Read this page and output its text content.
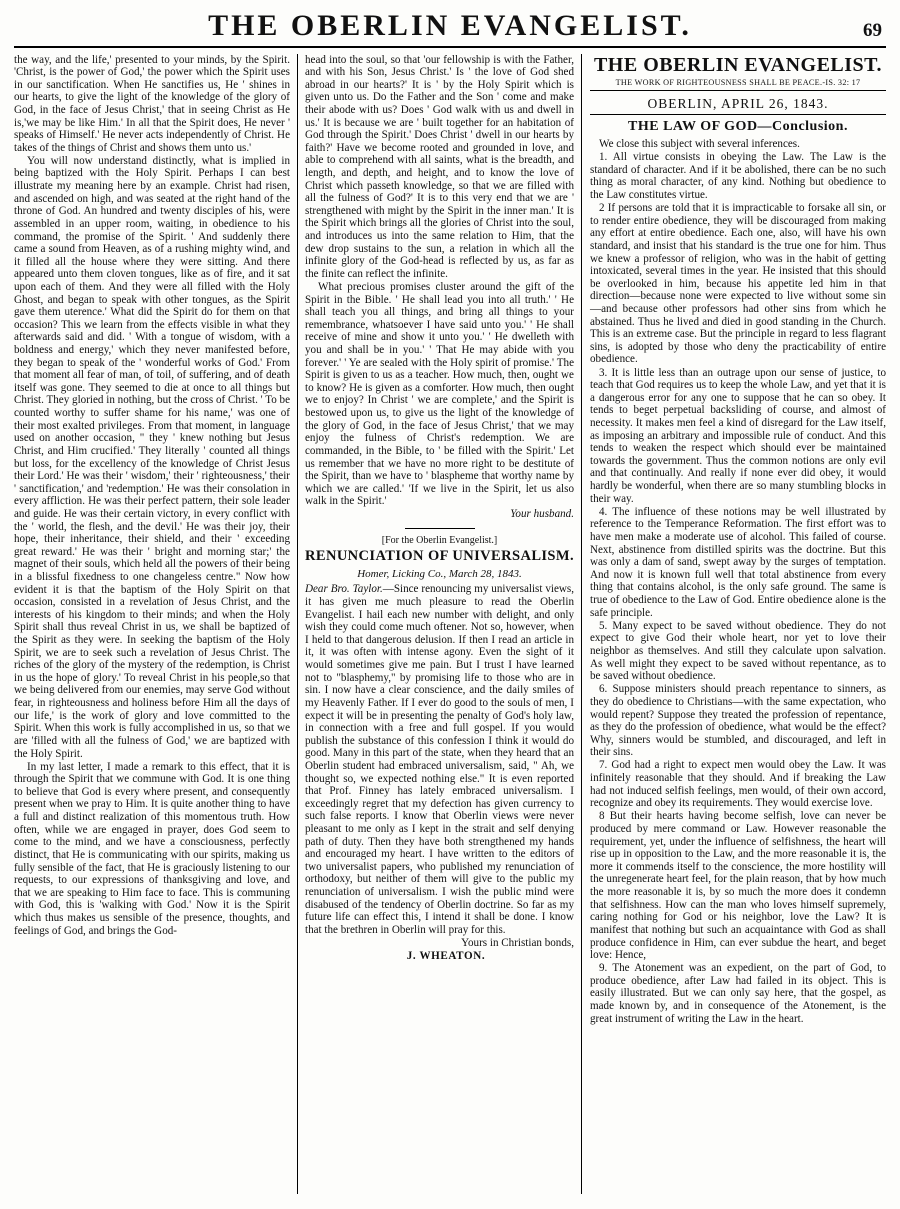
THE OBERLIN EVANGELIST.	69

the way, and the life,' presented to your minds, by the Spirit. 'Christ, is the power of God,' the power which the Spirit uses in our sanctification. When He sanctifies us, He ' shines in our hearts, to give the light of the knowledge of the glory of God, in the face of Jesus Christ,' that in seeing Christ as He is,'we may be like Him.' In all that the Spirit does, He never ' speaks of Himself.' He never acts independently of Christ. He takes of the things of Christ and shows them unto us.'

You will now understand distinctly, what is implied in being baptized with the Holy Spirit. Perhaps I can best illustrate my meaning here by an example. Christ had risen, and ascended on high, and was seated at the right hand of the throne of God. An hundred and twenty disciples of his, were assembled in an upper room, waiting, in obedience to his command, the promise of the Spirit. ' And suddenly there came a sound from Heaven, as of a rushing mighty wind, and it filled all the house where they were sitting. And there appeared unto them cloven tongues, like as of fire, and it sat upon each of them. And they were all filled with the Holy Ghost, and began to speak with other tongues, as the Spirit gave them uterence.' What did the Spirit do for them on that occasion? This we learn from the effects visible in what they afterwards said and did. ' With a tongue of wisdom, with a boldness and energy,' which they never manifested before, they began to speak of the ' wonderful works of God.' From that moment all fear of man, of toil, of suffering, and of death itself was gone. They seemed to die at once to all things but Christ. They gloried in nothing, but the cross of Christ. ' To be counted worthy to suffer shame for his name,' was one of their most exalted privileges. From that moment, in language used on another occasion, " they ' knew nothing but Jesus Christ, and Him crucified.' They literally ' counted all things but loss, for the excellency of the knowledge of Christ Jesus their Lord.' He was their ' wisdom,' their ' righteousness,' their ' sanctification,' and 'redemption.' He was their consolation in every affliction. He was their perfect pattern, their sole leader and guide. He was their certain victory, in every conflict with the ' world, the flesh, and the devil.' He was their joy, their hope, their inheritance, their shield, and their ' exceeding great reward.' He was their ' bright and morning star;' the magnet of their souls, which held all the powers of their being in a blissful fixedness to one changeless centre." Now how evident it is that the baptism of the Holy Spirit on that occasion, consisted in a revelation of Jesus Christ, and the interests of his kingdom to their minds; and when the Holy Spirit shall thus reveal Christ in us, we shall be baptized of the Spirit as they were. In seeking the baptism of the Holy Spirit, we are to seek such a revelation of Jesus Christ. The riches of the glory of the mystery of the redemption, is Christ in us the hope of glory.' To reveal Christ in his people,so that we being delivered from our enemies, may serve God without fear, in righteousness and holiness before Him all the days of our life,' is the work of glory and love committed to the Spirit. When this work is fully accomplished in us, so that we are 'filled with all the fulness of God,' we are baptized with the Holy Spirit.

In my last letter, I made a remark to this effect, that it is through the Spirit that we commune with God. It is one thing to believe that God is every where present, and consequently present when we pray to Him. It is quite another thing to have a full and distinct realization of this momentous truth. How often, while we are engaged in prayer, does God seem to come to the mind, and we have a consciousness, perfectly distinct, that He is communicating with our spirits, making us fully sensible of the fact, that He is graciously listening to our requests, to our expressions of thanksgiving and love, and that we are speaking to Him face to face. This is communing with God, this is 'walking with God.' Now it is the Spirit which thus makes us sensible of the presence, thoughts, and feelings of God, and brings the God-

head into the soul, so that 'our fellowship is with the Father, and with his Son, Jesus Christ.' Is ' the love of God shed abroad in our hearts?' It is ' by the Holy Spirit which is given unto us. Do the Father and the Son ' come and make their abode with us? Does ' God walk with us and dwell in us.' It is because we are ' built together for an habitation of God through the Spirit.' Does Christ ' dwell in our hearts by faith?' Have we become rooted and grounded in love, and able to comprehend with all saints, what is the breadth, and length, and depth, and height, and to know the love of Christ which passeth knowledge, so that we are filled with all the fulness of God?' It is to this very end that we are ' strengthened with might by the Spirit in the inner man.' It is the Spirit which brings all the glories of Christ into the soul, and introduces us into the same relation to Him, that the dew drop sustains to the sun, a relation in which all the infinite glory of the God-head is reflected by us, as far as the finite can reflect the infinite.

What precious promises cluster around the gift of the Spirit in the Bible. ' He shall lead you into all truth.' ' He shall teach you all things, and bring all things to your remembrance, whatsoever I have said unto you.' ' He shall receive of mine and show it unto you.' ' He dwelleth with you and shall be in you.' ' That He may abide with you forever.' ' Ye are sealed with the Holy spirit of promise.' The Spirit is given to us as a teacher. How much, then, ought we to know? He is given as a comforter. How much, then ought we to enjoy? In Christ ' we are complete,' and the Spirit is bestowed upon us, to give us the light of the knowledge of the glory of God, in the face of Jesus Christ,' that we may enjoy the fulness of Christ's redemption. We are commanded, in the Bible, to ' be filled with the Spirit.' Let us remember that we have no more right to be destitute of the Spirit, than we have to ' blaspheme that worthy name by which we are called.' 'If we live in the Spirit, let us also walk in the Spirit.'

Your husband.

[For the Oberlin Evangelist.]
RENUNCIATION OF UNIVERSALISM.
Homer, Licking Co., March 28, 1843.

Dear Bro. Taylor.—Since renouncing my universalist views, it has given me much pleasure to read the Oberlin Evangelist. I hail each new number with delight, and only wish they could come much oftener. Not so, however, when I held to that dangerous delusion. If then I read an article in it, it was often with intense agony. Even the sight of it would sometimes give me pain. But I trust I have learned not to "blasphemy," by promising life to those who are in sin. I now have a clear conscience, and the daily smiles of my Heavenly Father. If I ever do good to the souls of men, I expect it will be in presenting the penalty of God's holy law, in connection with a free and full gospel. If you would publish the substance of this confession I think it would do good. Many in this part of the state, when they heard that an Oberlin student had embraced universalism, said, " Ah, we thought so, we expected nothing else." It is even reported that Prof. Finney has lately embraced universalism. I exceedingly regret that my defection has given currency to such false reports. I know that Oberlin views were never pleasant to me only as I kept in the strait and self denying path of duty. Then they have both strengthened my hands and encouraged my heart. I have written to the editors of two universalist papers, who published my renunciation of orthodoxy, but neither of them will give to the public my renunciation of universalism. I wish the public mind were disabused of the tendency of Oberlin doctrine. So far as my future life can effect this, I intend it shall be done. I know that the brethren in Oberlin will pray for this.

Yours in Christian bonds,

J. WHEATON.

THE OBERLIN EVANGELIST.
THE WORK OF RIGHTEOUSNESS SHALL BE PEACE.-IS. 32: 17
OBERLIN, APRIL 26, 1843.
THE LAW OF GOD—Conclusion.

We close this subject with several inferences.

1. All virtue consists in obeying the Law. The Law is the standard of character. And if it be abolished, there can be no such thing as moral character, of any kind. Nothing but obedience to the Law constitutes virtue.

2 If persons are told that it is impracticable to forsake all sin, or to render entire obedience, they will be discouraged from making any effort at entire obedience. Each one, also, will have his own standard, and insist that his standard is the true one for him. Thus we knew a professor of religion, who was in the habit of getting intoxicated, several times in the year. He insisted that this should be overlooked in him, because his appetite led him in that direction—because none were expected to live without some sin—and because other professors had other sins from which he abstained. Thus he lived and died in good standing in the Church. This is an extreme case. But the principle in regard to less flagrant sins, is adopted by those who deny the practicability of entire obedience.

3. It is little less than an outrage upon our sense of justice, to teach that God requires us to keep the whole Law, and yet that it is a dangerous error for any one to suppose that he can so obey. It tends to beget perpetual backsliding of course, and almost of necessity. It makes men feel a kind of disregard for the Law itself, as imposing an arbitrary and impossible rule of conduct. And this tends to weaken the respect which should ever be maintained towards the government. Thus the common notions are only evil and that continually. And really if none ever did obey, it would hardly be wonderful, when there are so many stumbling blocks in their way.

4. The influence of these notions may be well illustrated by reference to the Temperance Reformation. The first effort was to have men make a moderate use of alcohol. This failed of course. Next, abstinence from distilled spirits was the doctrine. But this was only a dam of sand, swept away by the surges of temptation. And now it is known full well that total abstinence from every thing that contains alcohol, is the only safe ground. The same is true of obedience to the Law of God. Entire obedience alone is the safe principle.

5. Many expect to be saved without obedience. They do not expect to give God their whole heart, nor yet to love their neighbor as themselves. And still they calculate upon salvation. As well might they expect to be saved without repentance, as to be saved without obedience.

6. Suppose ministers should preach repentance to sinners, as they do obedience to Christians—with the same expectation, who would repent? Suppose they treated the profession of repentance, as they do the profession of obedience, what would be the effect? Why, sinners would be stumbled, and discouraged, and left in their sins.

7. God had a right to expect men would obey the Law. It was infinitely reasonable that they should. And if breaking the Law had not induced selfish feelings, men would, of their own accord, recognize and obey its requirements. They would exercise love.

8 But their hearts having become selfish, love can never be produced by mere command or Law. However reasonable the requirement, yet, under the influence of selfishness, the heart will rise up in opposition to the Law, and the more reasonable it is, the more it commends itself to the conscience, the more hostility will the unregenerate heart feel, for the plain reason, that by how much the more reasonable it is, by so much the more does it condemn that selfishness. How can the man who loves himself supremely, caring nothing for God or his neighbor, love the Law? It is manifest that nothing but such an acquaintance with God as shall produce confidence in Him, can ever subdue the heart, and beget love: Hence,

9. The Atonement was an expedient, on the part of God, to produce obedience, after Law had failed in its object. This is easily illustrated. But we can only say here, that the gospel, as made known by, and in consequence of the Atonement, is the great instrument of writing the Law in the heart.
